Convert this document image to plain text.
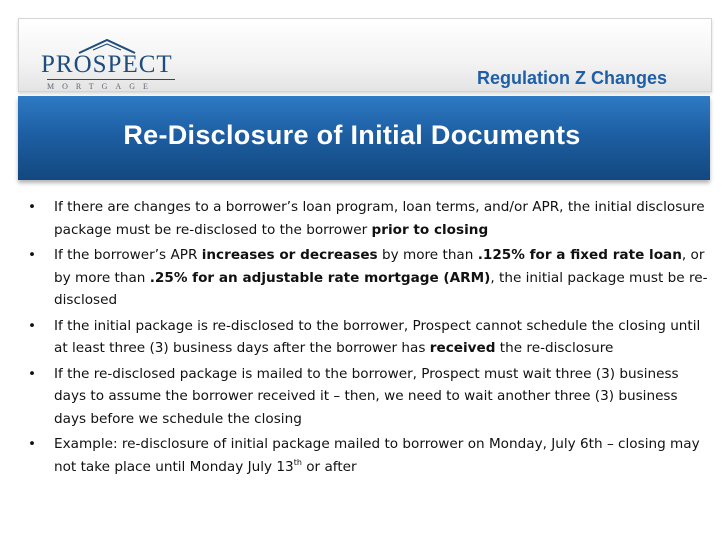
PROSPECT
MORTGAGE	Regulation Z Changes
Re-Disclosure of Initial Documents
• If there are changes to a borrower’s loan program, loan terms, and/or APR, the initial disclosure package must be re-disclosed to the borrower prior to closing
• If the borrower’s APR increases or decreases by more than .125% for a fixed rate loan, or by more than .25% for an adjustable rate mortgage (ARM), the initial package must be re-disclosed
• If the initial package is re-disclosed to the borrower, Prospect cannot schedule the closing until at least three (3) business days after the borrower has received the re-disclosure
• If the re-disclosed package is mailed to the borrower, Prospect must wait three (3) business days to assume the borrower received it – then, we need to wait another three (3) business days before we schedule the closing
• Example: re-disclosure of initial package mailed to borrower on Monday, July 6th – closing may not take place until Monday July 13th or after
